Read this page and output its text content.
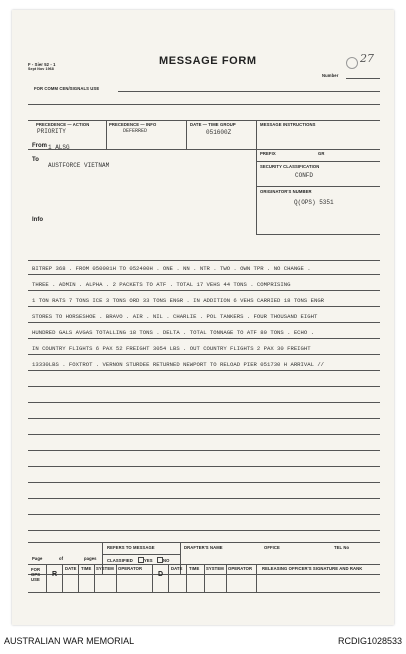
F - Sier 52 - 1
Sept Nov 1968
MESSAGE FORM
Number
27
FOR COMM CEN/SIGNALS USE
PRECEDENCE — ACTION
PRIORITY
PRECEDENCE — INFO
DEFERRED
DATE — TIME GROUP
051600Z
MESSAGE INSTRUCTIONS
From 1 ALSG
To
AUSTFORCE VIETNAM
Info
PREFIX	GR
SECURITY CLASSIFICATION
CONFD
ORIGINATOR'S NUMBER
Q(OPS) 5351
BITREP 368 . FROM 050001H TO 052400H . ONE . NN . NTR . TWO . OWN TPR . NO CHANGE .
THREE . ADMIN . ALPHA . 2 PACKETS TO ATF . TOTAL 17 VEHS 44 TONS . COMPRISING
1 TON RATS 7 TONS ICE 3 TONS ORD 33 TONS ENGR . IN ADDITION 6 VEHS CARRIED 18 TONS ENGR
STORES TO HORSESHOE . BRAVO . AIR . NIL . CHARLIE . POL TANKERS . FOUR THOUSAND EIGHT
HUNDRED GALS AVGAS TOTALLING 18 TONS . DELTA . TOTAL TONNAGE TO ATF 80 TONS . ECHO .
IN COUNTRY FLIGHTS 6 PAX 52 FREIGHT 3054 LBS . OUT COUNTRY FLIGHTS 2 PAX 30 FREIGHT
13330LBS . FOXTROT . VERNON STURDEE RETURNED NEWPORT TO RELOAD PIER 051730 H ARRIVAL //
Page	of	pages
REFERS TO MESSAGE
CLASSIFIED	YES NO
DRAFTER'S NAME	OFFICE	TEL No
FOR OPS USE
R
DATE TIME SYSTEM OPERATOR
D
DATE TIME SYSTEM OPERATOR RELEASING OFFICER'S SIGNATURE AND RANK
AUSTRALIAN WAR MEMORIAL	RCDIG1028533
